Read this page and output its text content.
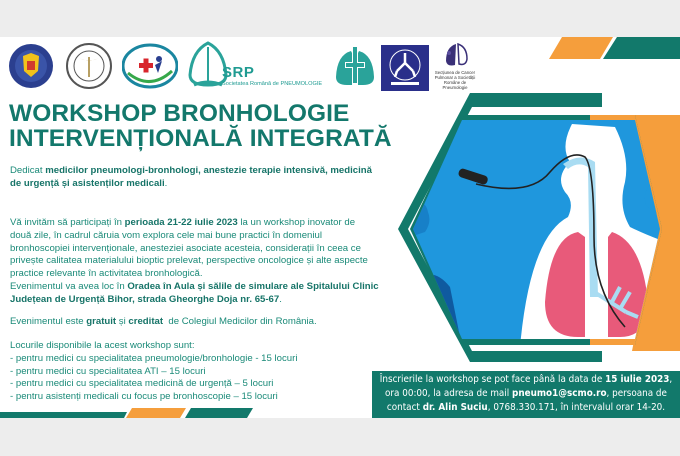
SRP
Societatea Română de PNEUMOLOGIE
Secțiunea de Cancer Pulmonar a Societății Române de Pneumologie
WORKSHOP BRONHOLOGIE
INTERVENȚIONALĂ INTEGRATĂ

Dedicat medicilor pneumologi-bronhologi, anestezie terapie intensivă, medicină de urgență și asistenților medicali.

Vă invităm să participați în perioada 21-22 iulie 2023 la un workshop inovator de două zile, în cadrul căruia vom explora cele mai bune practici în domeniul bronhoscopiei intervenționale, anesteziei asociate acesteia, considerații în ceea ce privește calitatea materialului bioptic prelevat, perspective oncologice și alte aspecte practice relevante în activitatea bronhologică.

Evenimentul va avea loc în Oradea în Aula și sălile de simulare ale Spitalului Clinic Județean de Urgență Bihor, strada Gheorghe Doja nr. 65-67.

Evenimentul este gratuit și creditat  de Colegiul Medicilor din România.

Locurile disponibile la acest workshop sunt:
- pentru medici cu specialitatea pneumologie/bronhologie - 15 locuri
- pentru medici cu specialitatea ATI – 15 locuri
- pentru medici cu specialitatea medicină de urgență – 5 locuri
- pentru asistenți medicali cu focus pe bronhoscopie – 15 locuri
Înscrierile la workshop se pot face până la data de 15 iulie 2023, ora 00:00, la adresa de mail pneumo1@scmo.ro, persoana de contact dr. Alin Suciu, 0768.330.171, în intervalul orar 14-20.
